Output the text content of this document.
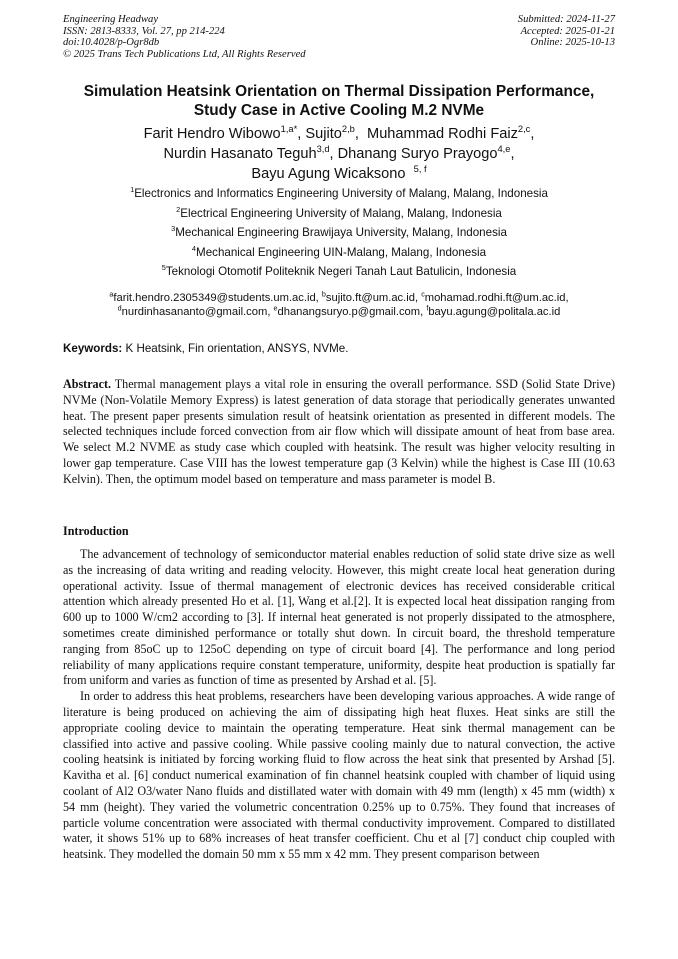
Engineering Headway
ISSN: 2813-8333, Vol. 27, pp 214-224
doi:10.4028/p-Ogr8db
© 2025 Trans Tech Publications Ltd, All Rights Reserved
Submitted: 2024-11-27
Accepted: 2025-01-21
Online: 2025-10-13
Simulation Heatsink Orientation on Thermal Dissipation Performance,
Study Case in Active Cooling M.2 NVMe
Farit Hendro Wibowo$^{1,a*}$, Sujito$^{2,b}$,  Muhammad Rodhi Faiz$^{2,c}$,
Nurdin Hasanato Teguh$^{3,d}$, Dhanang Suryo Prayogo$^{4,e}$,
Bayu Agung Wicaksono $^{5, f}$
$^1$Electronics and Informatics Engineering University of Malang, Malang, Indonesia
$^2$Electrical Engineering University of Malang, Malang, Indonesia
$^3$Mechanical Engineering Brawijaya University, Malang, Indonesia
$^4$Mechanical Engineering UIN-Malang, Malang, Indonesia
$^5$Teknologi Otomotif Politeknik Negeri Tanah Laut Batulicin, Indonesia
$^a$farit.hendro.2305349@students.um.ac.id, $^b$sujito.ft@um.ac.id, $^c$mohamad.rodhi.ft@um.ac.id,
$^d$nurdinhasananto@gmail.com, $^e$dhanangsuryo.p@gmail.com, $^f$bayu.agung@politala.ac.id
Keywords: K Heatsink, Fin orientation, ANSYS, NVMe.
Abstract. Thermal management plays a vital role in ensuring the overall performance. SSD (Solid State Drive) NVMe (Non-Volatile Memory Express) is latest generation of data storage that periodically generates unwanted heat. The present paper presents simulation result of heatsink orientation as presented in different models. The selected techniques include forced convection from air flow which will dissipate amount of heat from base area. We select M.2 NVME as study case which coupled with heatsink. The result was higher velocity resulting in lower gap temperature. Case VIII has the lowest temperature gap (3 Kelvin) while the highest is Case III (10.63 Kelvin). Then, the optimum model based on temperature and mass parameter is model B.
Introduction

The advancement of technology of semiconductor material enables reduction of solid state drive size as well as the increasing of data writing and reading velocity. However, this might create local heat generation during operational activity. Issue of thermal management of electronic devices has received considerable critical attention which already presented Ho et al. [1], Wang et al.[2]. It is expected local heat dissipation ranging from 600 up to 1000 W/cm2 according to [3]. If internal heat generated is not properly dissipated to the atmosphere, sometimes create diminished performance or totally shut down. In circuit board, the threshold temperature ranging from 85oC up to 125oC depending on type of circuit board [4]. The performance and long period reliability of many applications require constant temperature, uniformity, despite heat production is spatially far from uniform and varies as function of time as presented by Arshad et al. [5].

In order to address this heat problems, researchers have been developing various approaches. A wide range of literature is being produced on achieving the aim of dissipating high heat fluxes. Heat sinks are still the appropriate cooling device to maintain the operating temperature. Heat sink thermal management can be classified into active and passive cooling. While passive cooling mainly due to natural convection, the active cooling heatsink is initiated by forcing working fluid to flow across the heat sink that presented by Arshad [5]. Kavitha et al. [6] conduct numerical examination of fin channel heatsink coupled with chamber of liquid using coolant of Al2 O3/water Nano fluids and distillated water with domain with 49 mm (length) x 45 mm (width) x 54 mm (height). They varied the volumetric concentration 0.25% up to 0.75%. They found that increases of particle volume concentration were associated with thermal conductivity improvement. Compared to distillated water, it shows 51% up to 68% increases of heat transfer coefficient. Chu et al [7] conduct chip coupled with heatsink. They modelled the domain 50 mm x 55 mm x 42 mm. They present comparison between
